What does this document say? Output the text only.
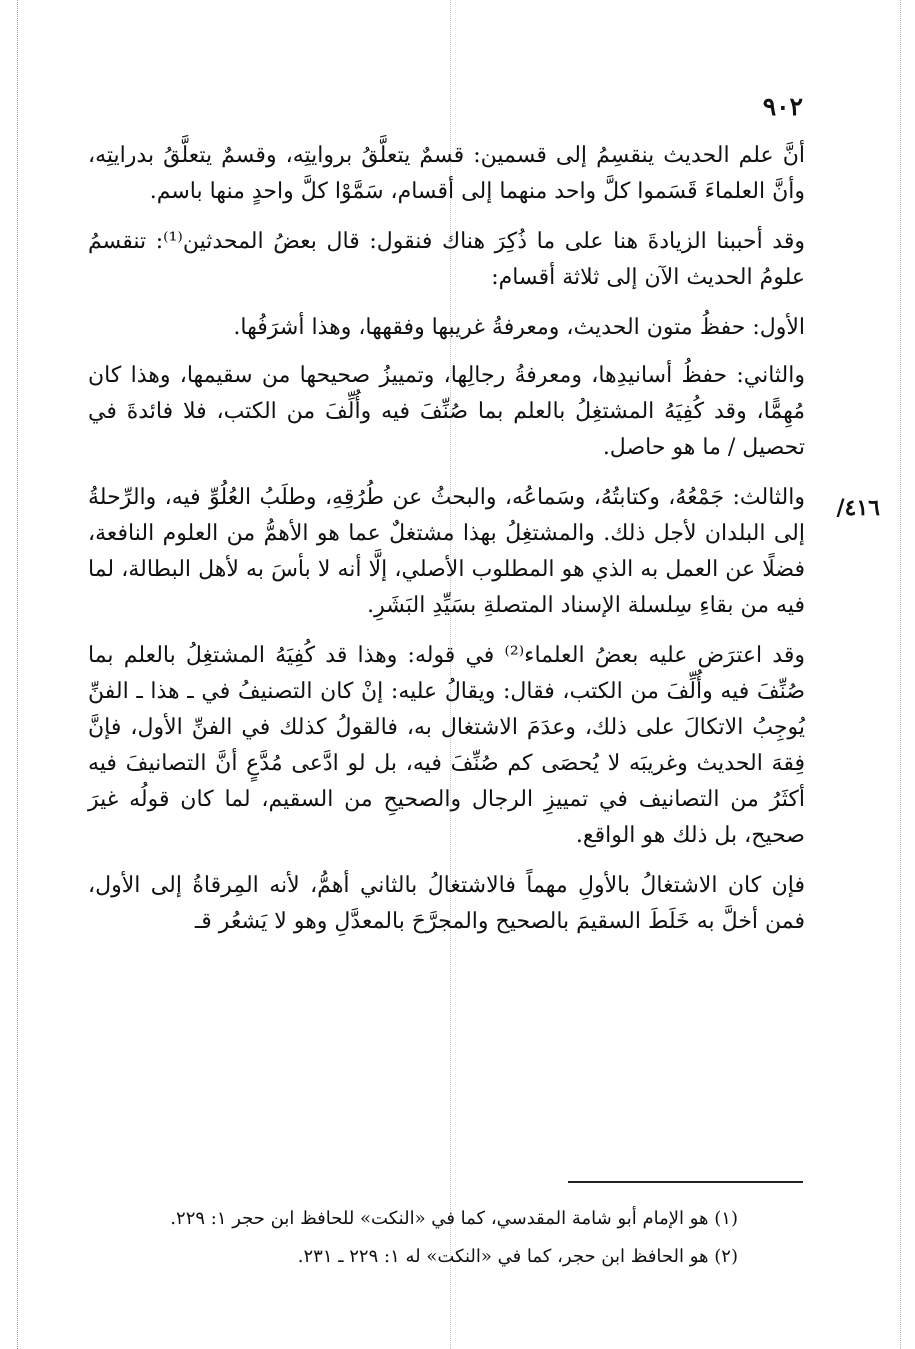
٩٠٢
٤١٦/

أنَّ علم الحديث ينقسِمُ إلى قسمين: قسمٌ يتعلَّقُ بروايتِه، وقسمٌ يتعلَّقُ بدرايتِه، وأنَّ العلماءَ قَسَموا كلَّ واحد منهما إلى أقسام، سَمَّوْا كلَّ واحدٍ منها باسم.

وقد أحببنا الزيادةَ هنا على ما ذُكِرَ هناك فنقول: قال بعضُ المحدثين⁽¹⁾: تنقسمُ علومُ الحديث الآن إلى ثلاثة أقسام:

الأول: حفظُ متون الحديث، ومعرفةُ غريبها وفقهها، وهذا أشرَفُها.

والثاني: حفظُ أسانيدِها، ومعرفةُ رجالِها، وتمييزُ صحيحها من سقيمها، وهذا كان مُهِمًّا، وقد كُفِيَهُ المشتغِلُ بالعلم بما صُنِّفَ فيه وأُلِّفَ من الكتب، فلا فائدةَ في تحصيل / ما هو حاصل.

والثالث: جَمْعُهُ، وكتابتُهُ، وسَماعُه، والبحثُ عن طُرُقِهِ، وطلَبُ العُلُوِّ فيه، والرِّحلةُ إلى البلدان لأجل ذلك. والمشتغِلُ بهذا مشتغلٌ عما هو الأهمُّ من العلوم النافعة، فضلًا عن العمل به الذي هو المطلوب الأصلي، إلَّا أنه لا بأسَ به لأهل البطالة، لما فيه من بقاءِ سِلسلة الإسناد المتصلةِ بسَيِّدِ البَشَرِ.

وقد اعترَض عليه بعضُ العلماء⁽²⁾ في قوله: وهذا قد كُفِيَهُ المشتغِلُ بالعلم بما صُنِّفَ فيه وأُلِّفَ من الكتب، فقال: ويقالُ عليه: إنْ كان التصنيفُ في ـ هذا ـ الفنِّ يُوجِبُ الاتكالَ على ذلك، وعدَمَ الاشتغال به، فالقولُ كذلك في الفنِّ الأول، فإنَّ فِقهَ الحديث وغريبَه لا يُحصَى كم صُنِّفَ فيه، بل لو ادَّعى مُدَّعٍ أنَّ التصانيفَ فيه أكثَرُ من التصانيف في تمييزِ الرجال والصحيحِ من السقيم، لما كان قولُه غيرَ صحيح، بل ذلك هو الواقع.

فإن كان الاشتغالُ بالأولِ مهماً فالاشتغالُ بالثاني أهمُّ، لأنه المِرقاةُ إلى الأول، فمن أخلَّ به خَلَطَ السقيمَ بالصحيح والمجرَّحَ بالمعدَّلِ وهو لا يَشعُر قـ

(١) هو الإمام أبو شامة المقدسي، كما في «النكت» للحافظ ابن حجر ١: ٢٢٩.

(٢) هو الحافظ ابن حجر، كما في «النكت» له ١: ٢٢٩ ـ ٢٣١.
